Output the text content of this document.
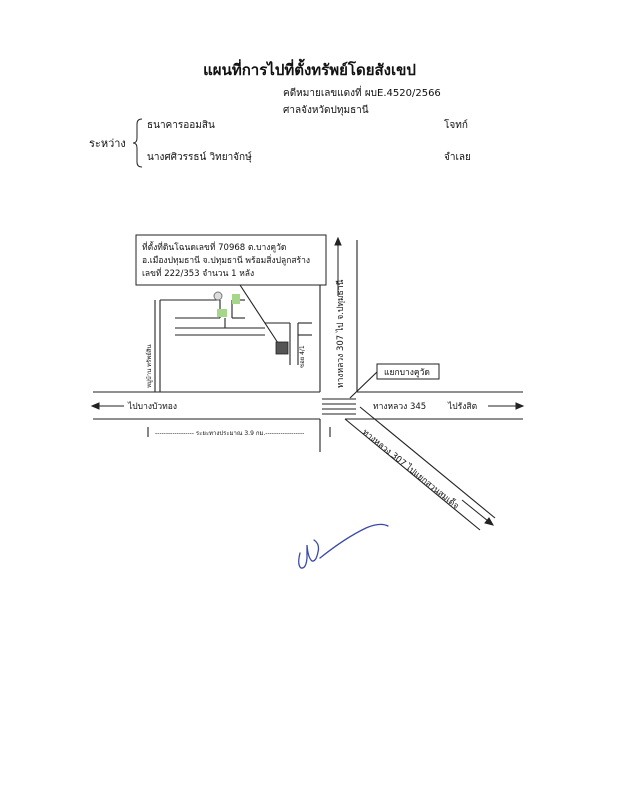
แผนที่การไปที่ตั้งทรัพย์โดยสังเขป
คดีหมายเลขแดงที่ ผบE.4520/2566
ศาลจังหวัดปทุมธานี
ระหว่าง
ธนาคารออมสิน	โจทก์
นางศศิวรรธน์ วิทยาจักษุ์	จำเลย
ที่ตั้งที่ดินโฉนดเลขที่ 70968 ต.บางคูวัด
อ.เมืองปทุมธานี จ.ปทุมธานี พร้อมสิ่งปลูกสร้าง
เลขที่ 222/353 จำนวน 1 หลัง
แยกบางคูวัด
หมู่บ้าน ทรัพย์สิน	ซอย 4/1	ทางหลวง 307 ไป จ.ปทุมธานี
ไปบางบัวทอง	ทางหลวง 345	ไปรังสิต
------------------ ระยะทางประมาณ 3.9 กม.------------------	ทางหลวง 307 ไปแยกสวนสมเด็จ
